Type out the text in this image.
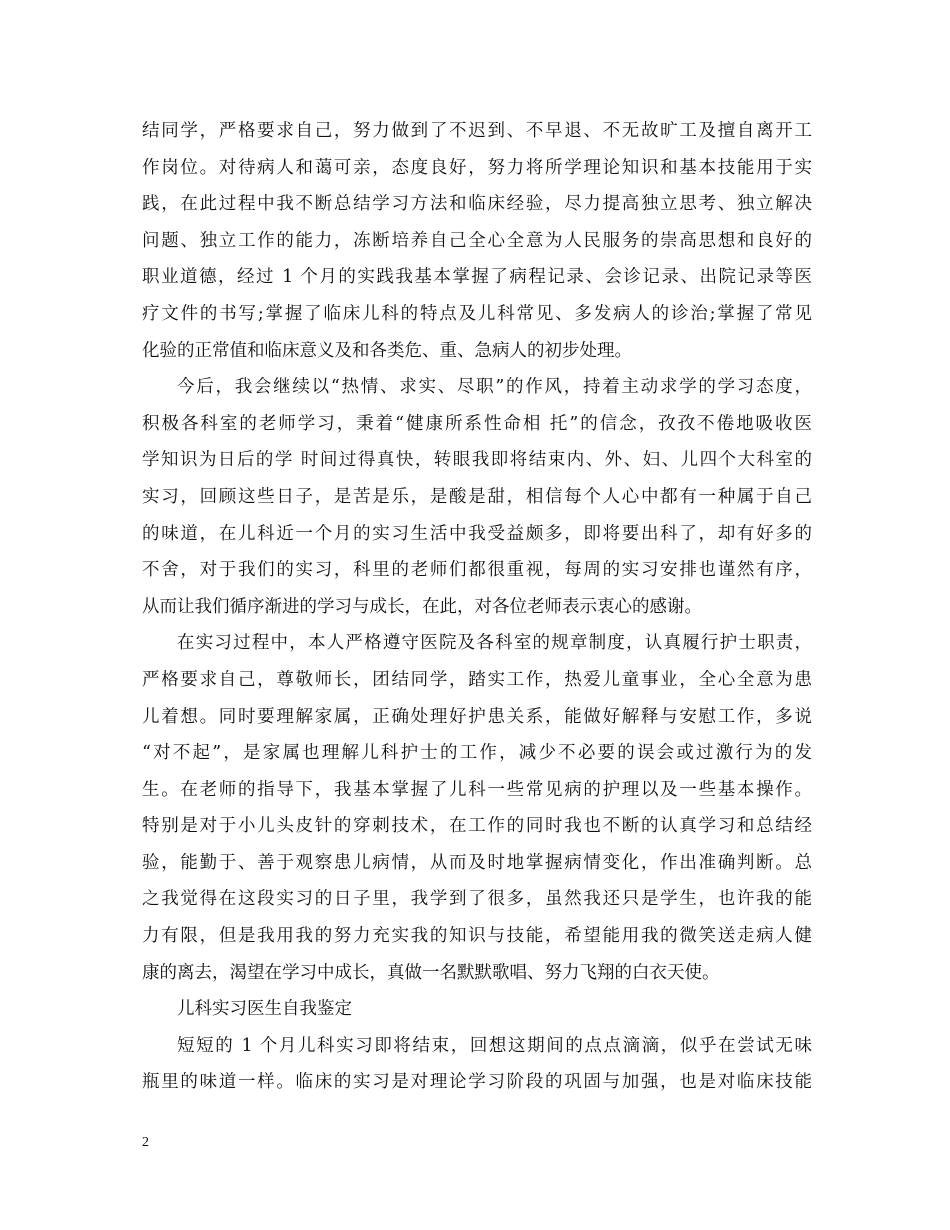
结同学，严格要求自己，努力做到了不迟到、不早退、不无故旷工及擅自离开工
作岗位。对待病人和蔼可亲，态度良好，努力将所学理论知识和基本技能用于实
践，在此过程中我不断总结学习方法和临床经验，尽力提高独立思考、独立解决
问题、独立工作的能力，冻断培养自己全心全意为人民服务的崇高思想和良好的
职业道德，经过 1 个月的实践我基本掌握了病程记录、会诊记录、出院记录等医
疗文件的书写;掌握了临床儿科的特点及儿科常见、多发病人的诊治;掌握了常见
化验的正常值和临床意义及和各类危、重、急病人的初步处理。
今后，我会继续以“热情、求实、尽职”的作风，持着主动求学的学习态度，
积极各科室的老师学习，秉着“健康所系性命相 托”的信念，孜孜不倦地吸收医
学知识为日后的学 时间过得真快，转眼我即将结束内、外、妇、儿四个大科室的
实习，回顾这些日子，是苦是乐，是酸是甜，相信每个人心中都有一种属于自己
的味道，在儿科近一个月的实习生活中我受益颇多，即将要出科了，却有好多的
不舍，对于我们的实习，科里的老师们都很重视，每周的实习安排也谨然有序，
从而让我们循序渐进的学习与成长，在此，对各位老师表示衷心的感谢。
在实习过程中，本人严格遵守医院及各科室的规章制度，认真履行护士职责，
严格要求自己，尊敬师长，团结同学，踏实工作，热爱儿童事业，全心全意为患
儿着想。同时要理解家属，正确处理好护患关系，能做好解释与安慰工作，多说
“对不起”，是家属也理解儿科护士的工作，减少不必要的误会或过激行为的发
生。在老师的指导下，我基本掌握了儿科一些常见病的护理以及一些基本操作。
特别是对于小儿头皮针的穿刺技术，在工作的同时我也不断的认真学习和总结经
验，能勤于、善于观察患儿病情，从而及时地掌握病情变化，作出准确判断。总
之我觉得在这段实习的日子里，我学到了很多，虽然我还只是学生，也许我的能
力有限，但是我用我的努力充实我的知识与技能，希望能用我的微笑送走病人健
康的离去，渴望在学习中成长，真做一名默默歌唱、努力飞翔的白衣天使。
儿科实习医生自我鉴定
短短的 1 个月儿科实习即将结束，回想这期间的点点滴滴，似乎在尝试无味
瓶里的味道一样。临床的实习是对理论学习阶段的巩固与加强，也是对临床技能
2
